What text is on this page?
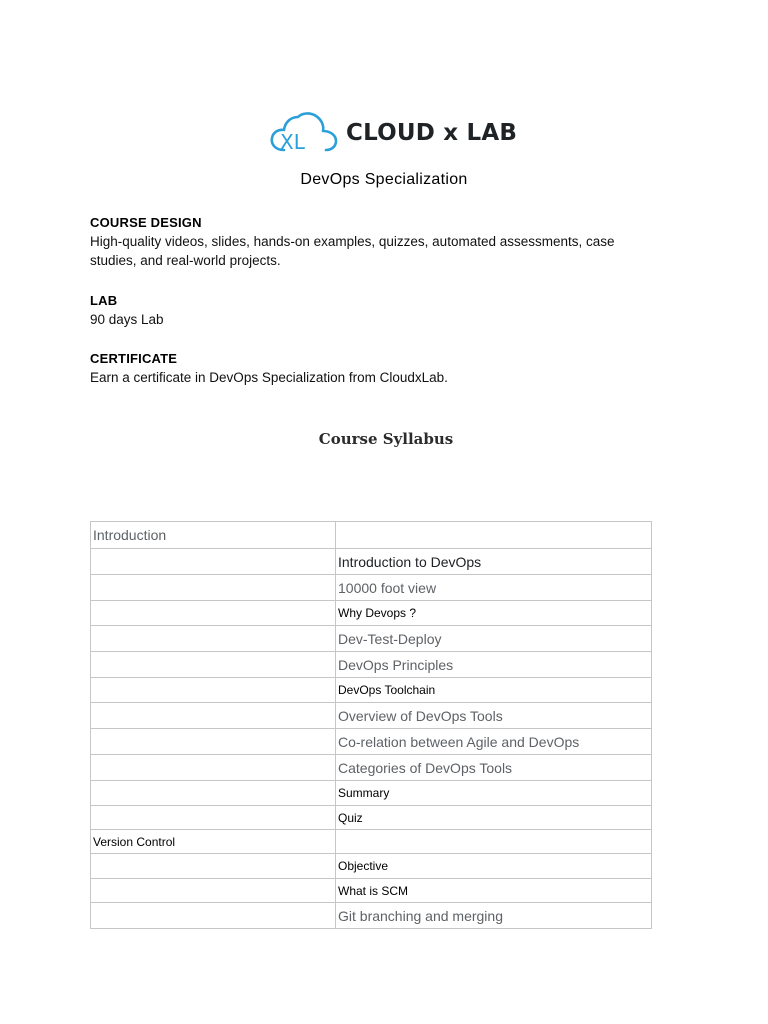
XL CLOUD x LAB
DevOps Specialization
COURSE DESIGN
High-quality videos, slides, hands-on examples, quizzes, automated assessments, case studies, and real-world projects.
LAB
90 days Lab
CERTIFICATE
Earn a certificate in DevOps Specialization from CloudxLab.
Course Syllabus
Introduction	
	Introduction to DevOps
	10000 foot view
	Why Devops ?
	Dev-Test-Deploy
	DevOps Principles
	DevOps Toolchain
	Overview of DevOps Tools
	Co-relation between Agile and DevOps
	Categories of DevOps Tools
	Summary
	Quiz
Version Control	
	Objective
	What is SCM
	Git branching and merging
